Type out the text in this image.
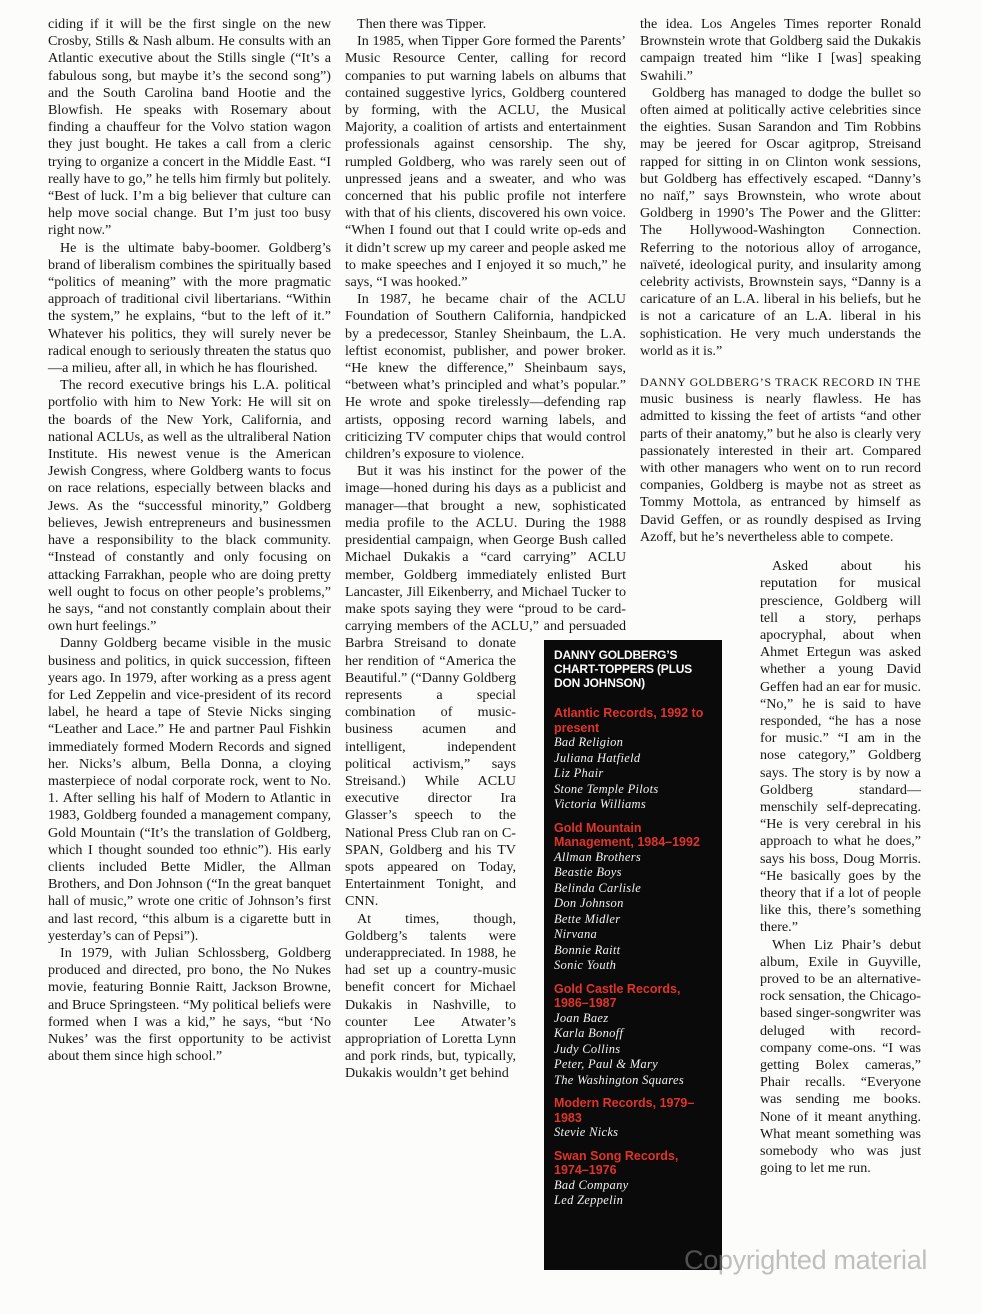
ciding if it will be the first single on the new Crosby, Stills & Nash album. He consults with an Atlantic executive about the Stills single (“It’s a fabulous song, but maybe it’s the second song”) and the South Carolina band Hootie and the Blowfish. He speaks with Rosemary about finding a chauffeur for the Volvo station wagon they just bought. He takes a call from a cleric trying to organize a concert in the Middle East. “I really have to go,” he tells him firmly but politely. “Best of luck. I’m a big believer that culture can help move social change. But I’m just too busy right now.”

He is the ultimate baby-boomer. Goldberg’s brand of liberalism combines the spiritually based “politics of meaning” with the more pragmatic approach of traditional civil libertarians. “Within the system,” he explains, “but to the left of it.” Whatever his politics, they will surely never be radical enough to seriously threaten the status quo—a milieu, after all, in which he has flourished.

The record executive brings his L.A. political portfolio with him to New York: He will sit on the boards of the New York, California, and national ACLUs, as well as the ultraliberal Nation Institute. His newest venue is the American Jewish Congress, where Goldberg wants to focus on race relations, especially between blacks and Jews. As the “successful minority,” Goldberg believes, Jewish entrepreneurs and businessmen have a responsibility to the black community. “Instead of constantly and only focusing on attacking Farrakhan, people who are doing pretty well ought to focus on other people’s problems,” he says, “and not constantly complain about their own hurt feelings.”

Danny Goldberg became visible in the music business and politics, in quick succession, fifteen years ago. In 1979, after working as a press agent for Led Zeppelin and vice-president of its record label, he heard a tape of Stevie Nicks singing “Leather and Lace.” He and partner Paul Fishkin immediately formed Modern Records and signed her. Nicks’s album, Bella Donna, a cloying masterpiece of nodal corporate rock, went to No. 1. After selling his half of Modern to Atlantic in 1983, Goldberg founded a management company, Gold Mountain (“It’s the translation of Goldberg, which I thought sounded too ethnic”). His early clients included Bette Midler, the Allman Brothers, and Don Johnson (“In the great banquet hall of music,” wrote one critic of Johnson’s first and last record, “this album is a cigarette butt in yesterday’s can of Pepsi”).

In 1979, with Julian Schlossberg, Goldberg produced and directed, pro bono, the No Nukes movie, featuring Bonnie Raitt, Jackson Browne, and Bruce Springsteen. “My political beliefs were formed when I was a kid,” he says, “but ‘No Nukes’ was the first opportunity to be activist about them since high school.”

Then there was Tipper.

In 1985, when Tipper Gore formed the Parents’ Music Resource Center, calling for record companies to put warning labels on albums that contained suggestive lyrics, Goldberg countered by forming, with the ACLU, the Musical Majority, a coalition of artists and entertainment professionals against censorship. The shy, rumpled Goldberg, who was rarely seen out of unpressed jeans and a sweater, and who was concerned that his public profile not interfere with that of his clients, discovered his own voice. “When I found out that I could write op-eds and it didn’t screw up my career and people asked me to make speeches and I enjoyed it so much,” he says, “I was hooked.”

In 1987, he became chair of the ACLU Foundation of Southern California, handpicked by a predecessor, Stanley Sheinbaum, the L.A. leftist economist, publisher, and power broker. “He knew the difference,” Sheinbaum says, “between what’s principled and what’s popular.” He wrote and spoke tirelessly—defending rap artists, opposing record warning labels, and criticizing TV computer chips that would control children’s exposure to violence.

But it was his instinct for the power of the image—honed during his days as a publicist and manager—that brought a new, sophisticated media profile to the ACLU. During the 1988 presidential campaign, when George Bush called Michael Dukakis a “card carrying” ACLU member, Goldberg immediately enlisted Burt Lancaster, Jill Eikenberry, and Michael Tucker to make spots saying they were “proud to be card-carrying members of the ACLU,” and persuaded Barbra Streisand to donate her rendition of “America the Beautiful.” (“Danny Goldberg represents a special combination of music-business acumen and intelligent, independent political activism,” says Streisand.) While ACLU executive director Ira Glasser’s speech to the National Press Club ran on C-SPAN, Goldberg and his TV spots appeared on Today, Entertainment Tonight, and CNN.

At times, though, Goldberg’s talents were underappreciated. In 1988, he had set up a country-music benefit concert for Michael Dukakis in Nashville, to counter Lee Atwater’s appropriation of Loretta Lynn and pork rinds, but, typically, Dukakis wouldn’t get behind

the idea. Los Angeles Times reporter Ronald Brownstein wrote that Goldberg said the Dukakis campaign treated him “like I [was] speaking Swahili.”

Goldberg has managed to dodge the bullet so often aimed at politically active celebrities since the eighties. Susan Sarandon and Tim Robbins may be jeered for Oscar agitprop, Streisand rapped for sitting in on Clinton wonk sessions, but Goldberg has effectively escaped. “Danny’s no naïf,” says Brownstein, who wrote about Goldberg in 1990’s The Power and the Glitter: The Hollywood-Washington Connection. Referring to the notorious alloy of arrogance, naïveté, ideological purity, and insularity among celebrity activists, Brownstein says, “Danny is a caricature of an L.A. liberal in his beliefs, but he is not a caricature of an L.A. liberal in his sophistication. He very much understands the world as it is.”

DANNY GOLDBERG’S TRACK RECORD IN THE music business is nearly flawless. He has admitted to kissing the feet of artists “and other parts of their anatomy,” but he also is clearly very passionately interested in their art. Compared with other managers who went on to run record companies, Goldberg is maybe not as street as Tommy Mottola, as entranced by himself as David Geffen, or as roundly despised as Irving Azoff, but he’s nevertheless able to compete.

Asked about his reputation for musical prescience, Goldberg will tell a story, perhaps apocryphal, about when Ahmet Ertegun was asked whether a young David Geffen had an ear for music. “No,” he is said to have responded, “he has a nose for music.” “I am in the nose category,” Goldberg says. The story is by now a Goldberg standard—menschily self-deprecating. “He is very cerebral in his approach to what he does,” says his boss, Doug Morris. “He basically goes by the theory that if a lot of people like this, there’s something there.”

When Liz Phair’s debut album, Exile in Guyville, proved to be an alternative-rock sensation, the Chicago-based singer-songwriter was deluged with record-company come-ons. “I was getting Bolex cameras,” Phair recalls. “Everyone was sending me books. None of it meant anything. What meant something was somebody who was just going to let me run.

DANNY GOLDBERG’S CHART-TOPPERS (PLUS DON JOHNSON)
Atlantic Records, 1992 to present
Bad Religion
Juliana Hatfield
Liz Phair
Stone Temple Pilots
Victoria Williams
Gold Mountain Management, 1984–1992
Allman Brothers
Beastie Boys
Belinda Carlisle
Don Johnson
Bette Midler
Nirvana
Bonnie Raitt
Sonic Youth
Gold Castle Records, 1986–1987
Joan Baez
Karla Bonoff
Judy Collins
Peter, Paul & Mary
The Washington Squares
Modern Records, 1979–1983
Stevie Nicks
Swan Song Records, 1974–1976
Bad Company
Led Zeppelin
Copyrighted material
